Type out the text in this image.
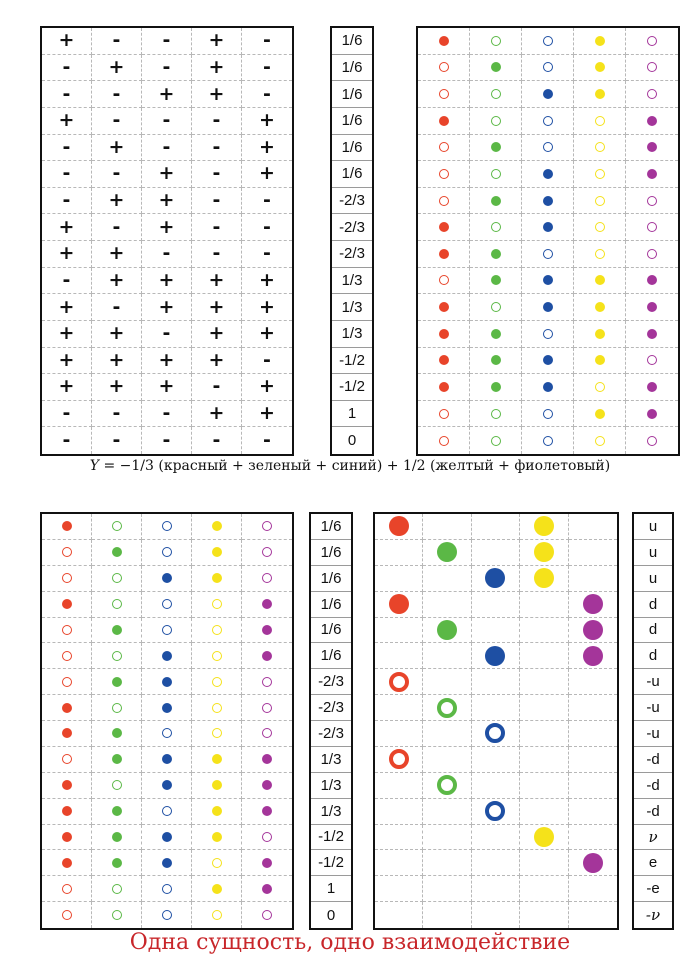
+ - - + -
- + - + -
- - + + -
+ - - - +
- + - - +
- - + - +
- + + - -
+ - + - -
+ + - - -
- + + + +
+ - + + +
+ + - + +
+ + + + -
+ + + - +
- - - + +
- - - - -
1/6
1/6
1/6
1/6
1/6
1/6
-2/3
-2/3
-2/3
1/3
1/3
1/3
-1/2
-1/2
1
0
Y = −1/3 (красный + зеленый + синий) + 1/2 (желтый + фиолетовый)
1/6
1/6
1/6
1/6
1/6
1/6
-2/3
-2/3
-2/3
1/3
1/3
1/3
-1/2
-1/2
1
0
u
u
u
d
d
d
-u
-u
-u
-d
-d
-d
ν
e
-e
-ν
Одна сущность, одно взаимодействие
